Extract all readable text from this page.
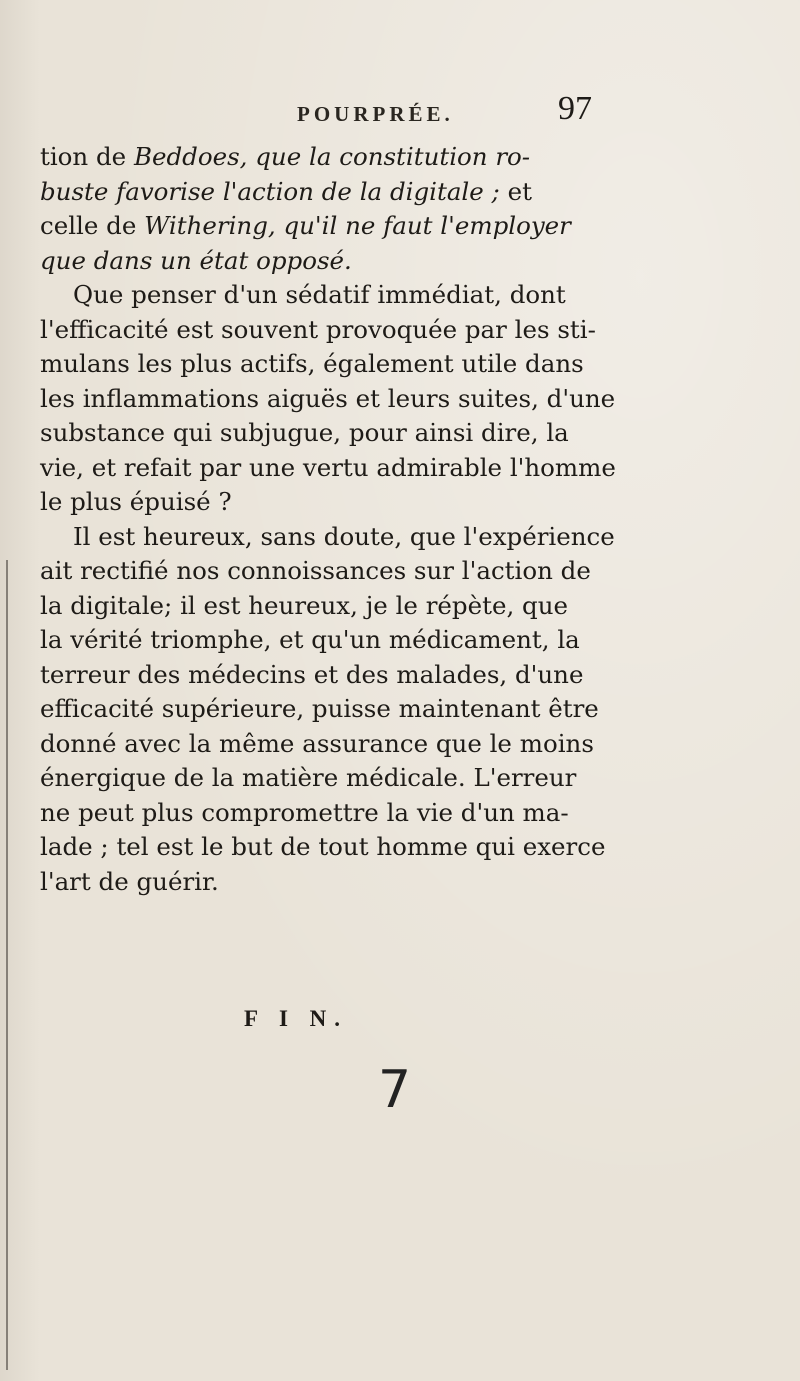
POURPRÉE.	97
tion de Beddoes, que la constitution ro-
buste favorise l'action de la digitale ; et
celle de Withering, qu'il ne faut l'employer
que dans un état opposé.
Que penser d'un sédatif immédiat, dont
l'efficacité est souvent provoquée par les sti-
mulans les plus actifs, également utile dans
les inflammations aiguës et leurs suites, d'une
substance qui subjugue, pour ainsi dire, la
vie, et refait par une vertu admirable l'homme
le plus épuisé ?
Il est heureux, sans doute, que l'expérience
ait rectifié nos connoissances sur l'action de
la digitale; il est heureux, je le répète, que
la vérité triomphe, et qu'un médicament, la
terreur des médecins et des malades, d'une
efficacité supérieure, puisse maintenant être
donné avec la même assurance que le moins
énergique de la matière médicale. L'erreur
ne peut plus compromettre la vie d'un ma-
lade ; tel est le but de tout homme qui exerce
l'art de guérir.
F I N.
7
